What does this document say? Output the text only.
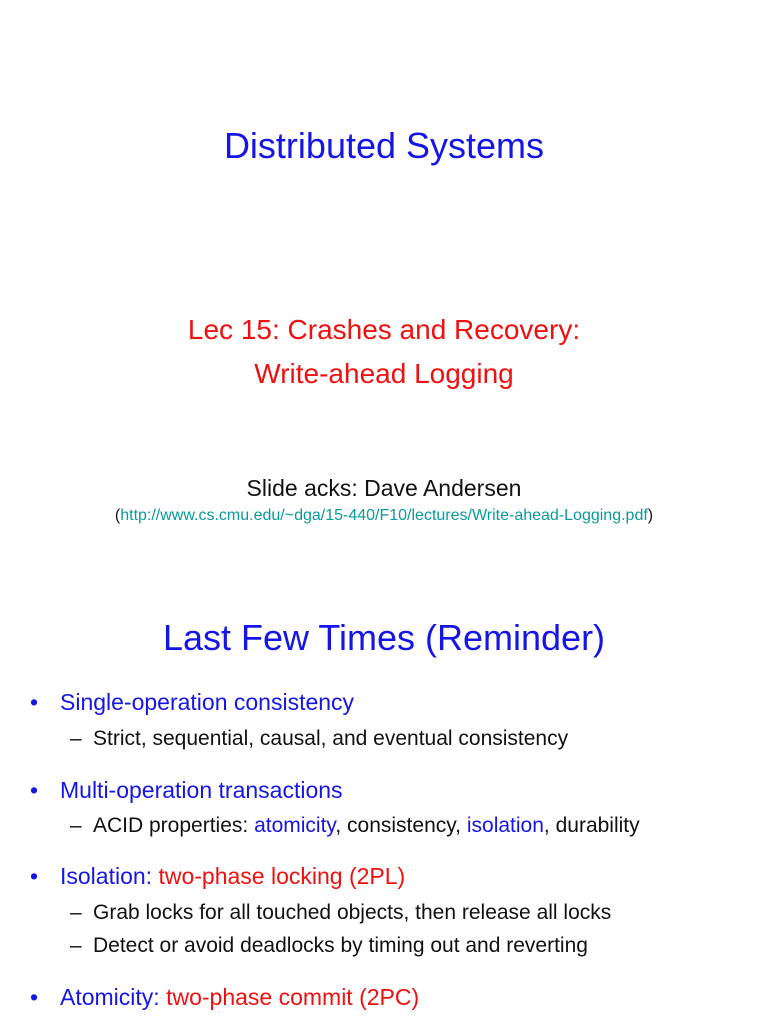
Distributed Systems
Lec 15: Crashes and Recovery:
Write-ahead Logging
Slide acks: Dave Andersen
(http://www.cs.cmu.edu/~dga/15-440/F10/lectures/Write-ahead-Logging.pdf)
Last Few Times (Reminder)
• Single-operation consistency
– Strict, sequential, causal, and eventual consistency
• Multi-operation transactions
– ACID properties: atomicity, consistency, isolation, durability
• Isolation: two-phase locking (2PL)
– Grab locks for all touched objects, then release all locks
– Detect or avoid deadlocks by timing out and reverting
• Atomicity: two-phase commit (2PC)
